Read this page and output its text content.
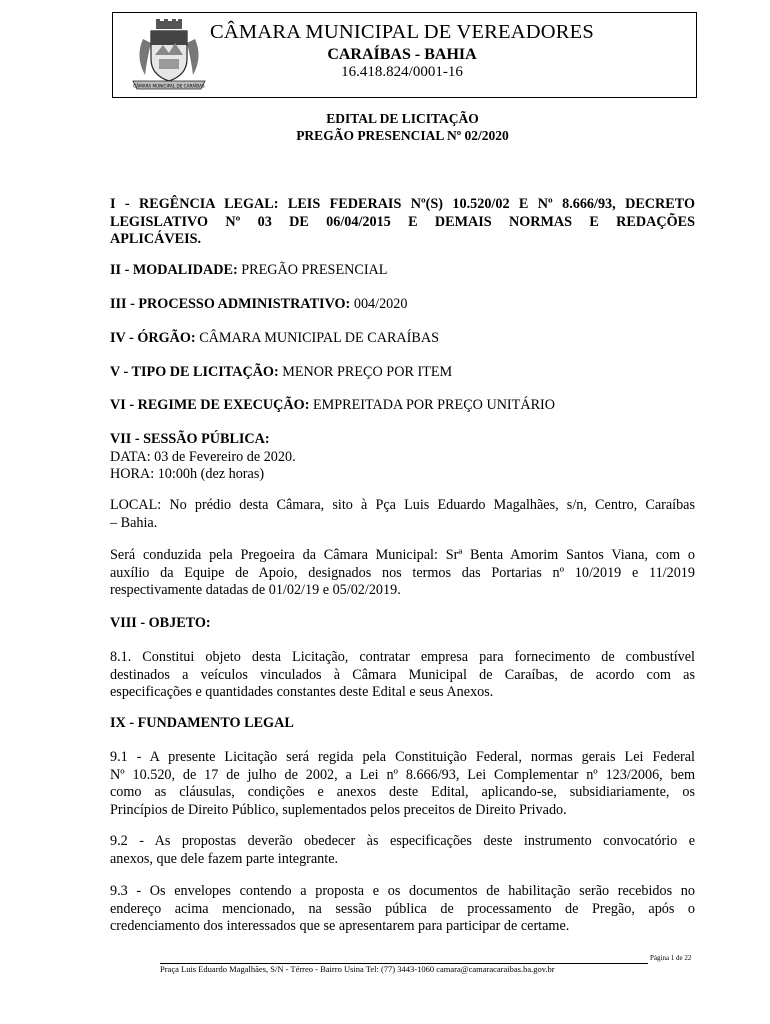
CÂMARA MUNICIPAL DE CARAÍBAS
CÂMARA MUNICIPAL DE VEREADORES
CARAÍBAS - BAHIA
16.418.824/0001-16
EDITAL DE LICITAÇÃO
PREGÃO PRESENCIAL Nº 02/2020
I - REGÊNCIA LEGAL: LEIS FEDERAIS Nº(S) 10.520/02 E Nº 8.666/93, DECRETO
LEGISLATIVO Nº 03 DE 06/04/2015 E DEMAIS NORMAS E REDAÇÕES
APLICÁVEIS.
II - MODALIDADE: PREGÃO PRESENCIAL
III - PROCESSO ADMINISTRATIVO: 004/2020
IV - ÓRGÃO: CÂMARA MUNICIPAL DE CARAÍBAS
V - TIPO DE LICITAÇÃO: MENOR PREÇO POR ITEM
VI - REGIME DE EXECUÇÃO: EMPREITADA POR PREÇO UNITÁRIO
VII - SESSÃO PÚBLICA:
DATA: 03 de Fevereiro de 2020.
HORA: 10:00h (dez horas)
LOCAL: No prédio desta Câmara, sito à Pça Luis Eduardo Magalhães, s/n, Centro, Caraíbas
– Bahia.
Será conduzida pela Pregoeira da Câmara Municipal: Srª Benta Amorim Santos Viana, com o
auxílio da Equipe de Apoio, designados nos termos das Portarias nº 10/2019 e 11/2019
respectivamente datadas de 01/02/19 e 05/02/2019.
VIII - OBJETO:
8.1. Constitui objeto desta Licitação, contratar empresa para fornecimento de combustível
destinados a veículos vinculados à Câmara Municipal de Caraíbas, de acordo com as
especificações e quantidades constantes deste Edital e seus Anexos.
IX - FUNDAMENTO LEGAL
9.1 - A presente Licitação será regida pela Constituição Federal, normas gerais Lei Federal
Nº 10.520, de 17 de julho de 2002, a Lei nº 8.666/93, Lei Complementar nº 123/2006, bem
como as cláusulas, condições e anexos deste Edital, aplicando-se, subsidiariamente, os
Princípios de Direito Público, suplementados pelos preceitos de Direito Privado.
9.2 - As propostas deverão obedecer às especificações deste instrumento convocatório e
anexos, que dele fazem parte integrante.
9.3 - Os envelopes contendo a proposta e os documentos de habilitação serão recebidos no
endereço acima mencionado, na sessão pública de processamento de Pregão, após o
credenciamento dos interessados que se apresentarem para participar de certame.
Página 1 de 22
Praça Luis Eduardo Magalhães, S/N - Térreo - Bairro Usina Tel: (77) 3443-1060 camara@camaracaraibas.ba.gov.br
